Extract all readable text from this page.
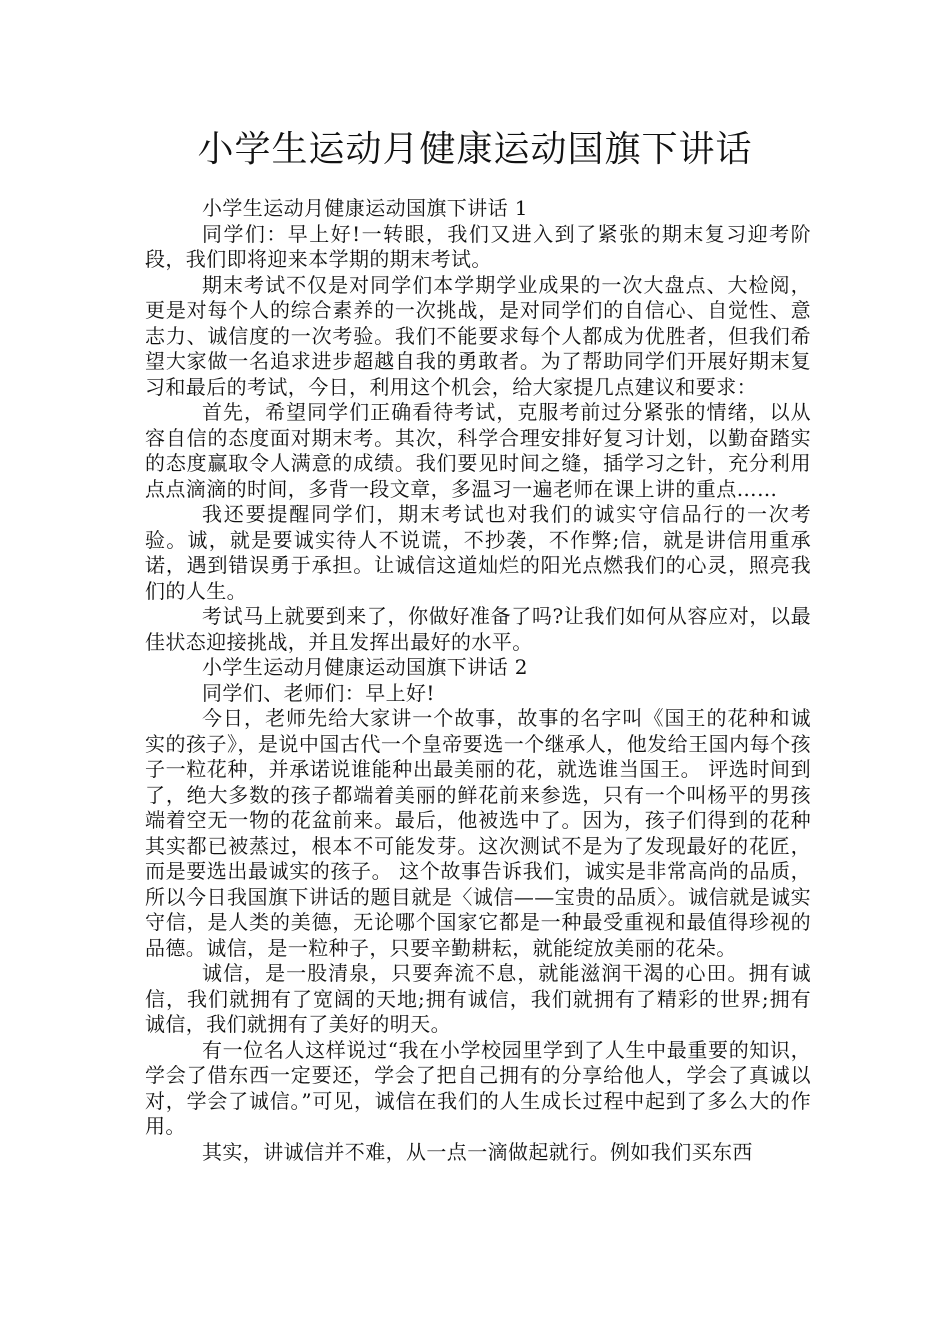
小学生运动月健康运动国旗下讲话

小学生运动月健康运动国旗下讲话 1

同学们：早上好!一转眼，我们又进入到了紧张的期末复习迎考阶段，我们即将迎来本学期的期末考试。

期末考试不仅是对同学们本学期学业成果的一次大盘点、大检阅，更是对每个人的综合素养的一次挑战，是对同学们的自信心、自觉性、意志力、诚信度的一次考验。我们不能要求每个人都成为优胜者，但我们希望大家做一名追求进步超越自我的勇敢者。为了帮助同学们开展好期末复习和最后的考试，今日，利用这个机会，给大家提几点建议和要求：

首先，希望同学们正确看待考试，克服考前过分紧张的情绪，以从容自信的态度面对期末考。其次，科学合理安排好复习计划，以勤奋踏实的态度赢取令人满意的成绩。我们要见时间之缝，插学习之针，充分利用点点滴滴的时间，多背一段文章，多温习一遍老师在课上讲的重点……

我还要提醒同学们，期末考试也对我们的诚实守信品行的一次考验。诚，就是要诚实待人不说谎，不抄袭，不作弊;信，就是讲信用重承诺，遇到错误勇于承担。让诚信这道灿烂的阳光点燃我们的心灵，照亮我们的人生。

考试马上就要到来了，你做好准备了吗?让我们如何从容应对，以最佳状态迎接挑战，并且发挥出最好的水平。

小学生运动月健康运动国旗下讲话 2

同学们、老师们：早上好!

今日，老师先给大家讲一个故事，故事的名字叫《国王的花种和诚实的孩子》，是说中国古代一个皇帝要选一个继承人，他发给王国内每个孩子一粒花种，并承诺说谁能种出最美丽的花，就选谁当国王。 评选时间到了，绝大多数的孩子都端着美丽的鲜花前来参选，只有一个叫杨平的男孩端着空无一物的花盆前来。最后，他被选中了。因为，孩子们得到的花种其实都已被蒸过，根本不可能发芽。这次测试不是为了发现最好的花匠，而是要选出最诚实的孩子。 这个故事告诉我们，诚实是非常高尚的品质，所以今日我国旗下讲话的题目就是〈诚信——宝贵的品质〉。诚信就是诚实守信，是人类的美德，无论哪个国家它都是一种最受重视和最值得珍视的品德。诚信，是一粒种子，只要辛勤耕耘，就能绽放美丽的花朵。

诚信，是一股清泉，只要奔流不息，就能滋润干渴的心田。拥有诚信，我们就拥有了宽阔的天地;拥有诚信，我们就拥有了精彩的世界;拥有诚信，我们就拥有了美好的明天。

有一位名人这样说过“我在小学校园里学到了人生中最重要的知识，学会了借东西一定要还，学会了把自己拥有的分享给他人，学会了真诚以对，学会了诚信。”可见，诚信在我们的人生成长过程中起到了多么大的作用。

其实，讲诚信并不难，从一点一滴做起就行。例如我们买东西
